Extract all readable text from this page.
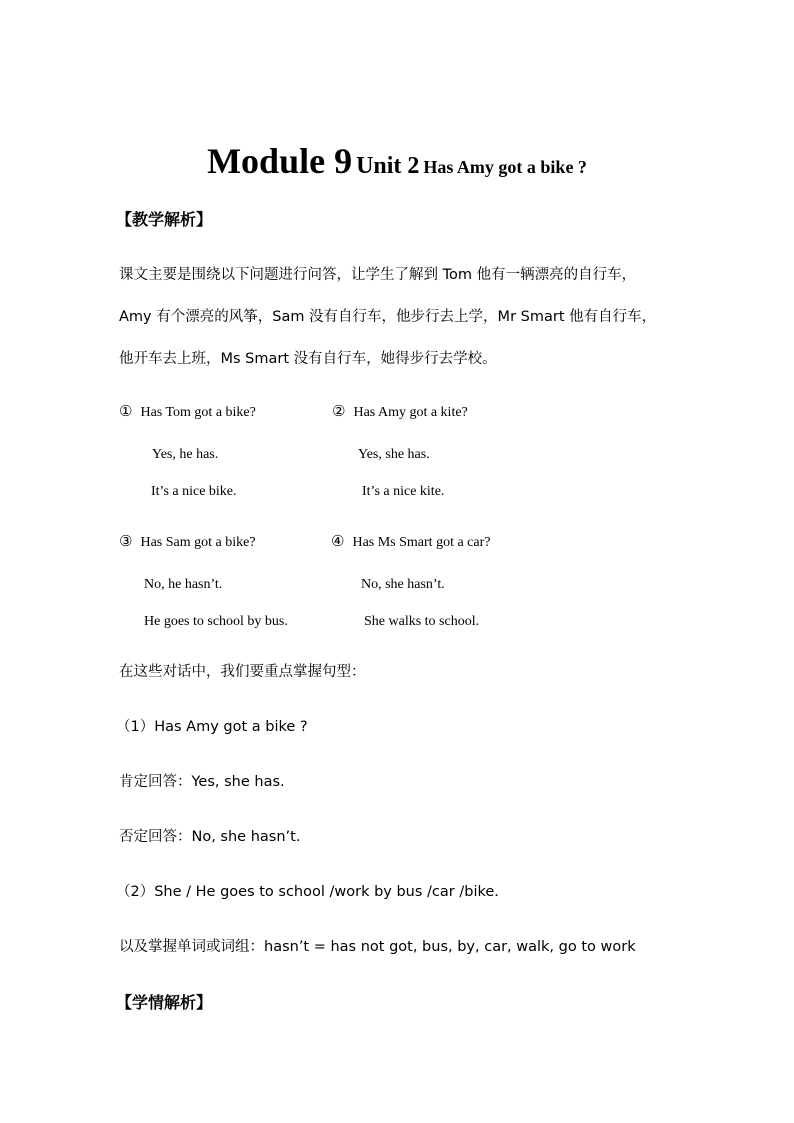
Module 9 Unit 2 Has Amy got a bike ?
【教学解析】
课文主要是围绕以下问题进行问答，让学生了解到 Tom 他有一辆漂亮的自行车，
Amy 有个漂亮的风筝，Sam 没有自行车，他步行去上学，Mr Smart 他有自行车，
他开车去上班，Ms Smart 没有自行车，她得步行去学校。
① Has Tom got a bike?
Yes, he has.
It’s a nice bike.
② Has Amy got a kite?
Yes, she has.
It’s a nice kite.
③ Has Sam got a bike?
No, he hasn’t.
He goes to school by bus.
④ Has Ms Smart got a car?
No, she hasn’t.
She walks to school.
在这些对话中，我们要重点掌握句型：
（1）Has Amy got a bike ?
肯定回答：Yes, she has.
否定回答：No, she hasn’t.
（2）She / He goes to school /work by bus /car /bike.
以及掌握单词或词组：hasn’t = has not got, bus, by, car, walk, go to work
【学情解析】
